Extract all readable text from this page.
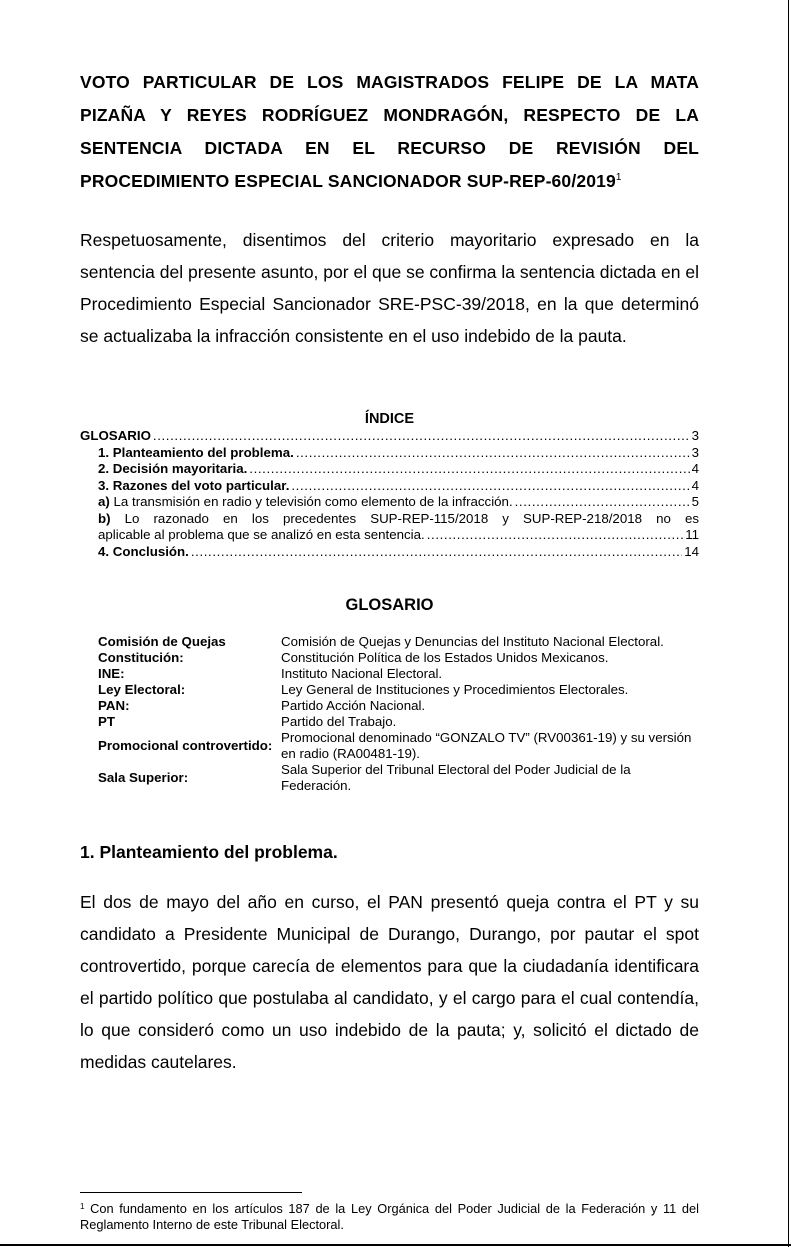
VOTO PARTICULAR DE LOS MAGISTRADOS FELIPE DE LA MATA PIZAÑA Y REYES RODRÍGUEZ MONDRAGÓN, RESPECTO DE LA SENTENCIA DICTADA EN EL RECURSO DE REVISIÓN DEL PROCEDIMIENTO ESPECIAL SANCIONADOR SUP-REP-60/2019$^1$

Respetuosamente, disentimos del criterio mayoritario expresado en la sentencia del presente asunto, por el que se confirma la sentencia dictada en el Procedimiento Especial Sancionador SRE-PSC-39/2018, en la que determinó se actualizaba la infracción consistente en el uso indebido de la pauta.

ÍNDICE
GLOSARIO .....	3
1. Planteamiento del problema. .....	3
2. Decisión mayoritaria. .....	4
3. Razones del voto particular. .....	4
a) La transmisión en radio y televisión como elemento de la infracción. .....	5
b) Lo razonado en los precedentes SUP-REP-115/2018 y SUP-REP-218/2018 no es
aplicable al problema que se analizó en esta sentencia. .....	11
4. Conclusión. .....	14
GLOSARIO
Comisión de Quejas	Comisión de Quejas y Denuncias del Instituto Nacional Electoral.
Constitución:	Constitución Política de los Estados Unidos Mexicanos.
INE:	Instituto Nacional Electoral.
Ley Electoral:	Ley General de Instituciones y Procedimientos Electorales.
PAN:	Partido Acción Nacional.
PT	Partido del Trabajo.
Promocional controvertido:	Promocional denominado “GONZALO TV” (RV00361-19) y su versión en radio (RA00481-19).
Sala Superior:	Sala Superior del Tribunal Electoral del Poder Judicial de la Federación.
1. Planteamiento del problema.

El dos de mayo del año en curso, el PAN presentó queja contra el PT y su candidato a Presidente Municipal de Durango, Durango, por pautar el spot controvertido, porque carecía de elementos para que la ciudadanía identificara el partido político que postulaba al candidato, y el cargo para el cual contendía, lo que consideró como un uso indebido de la pauta; y, solicitó el dictado de medidas cautelares.

$^1$ Con fundamento en los artículos 187 de la Ley Orgánica del Poder Judicial de la Federación y 11 del Reglamento Interno de este Tribunal Electoral.
